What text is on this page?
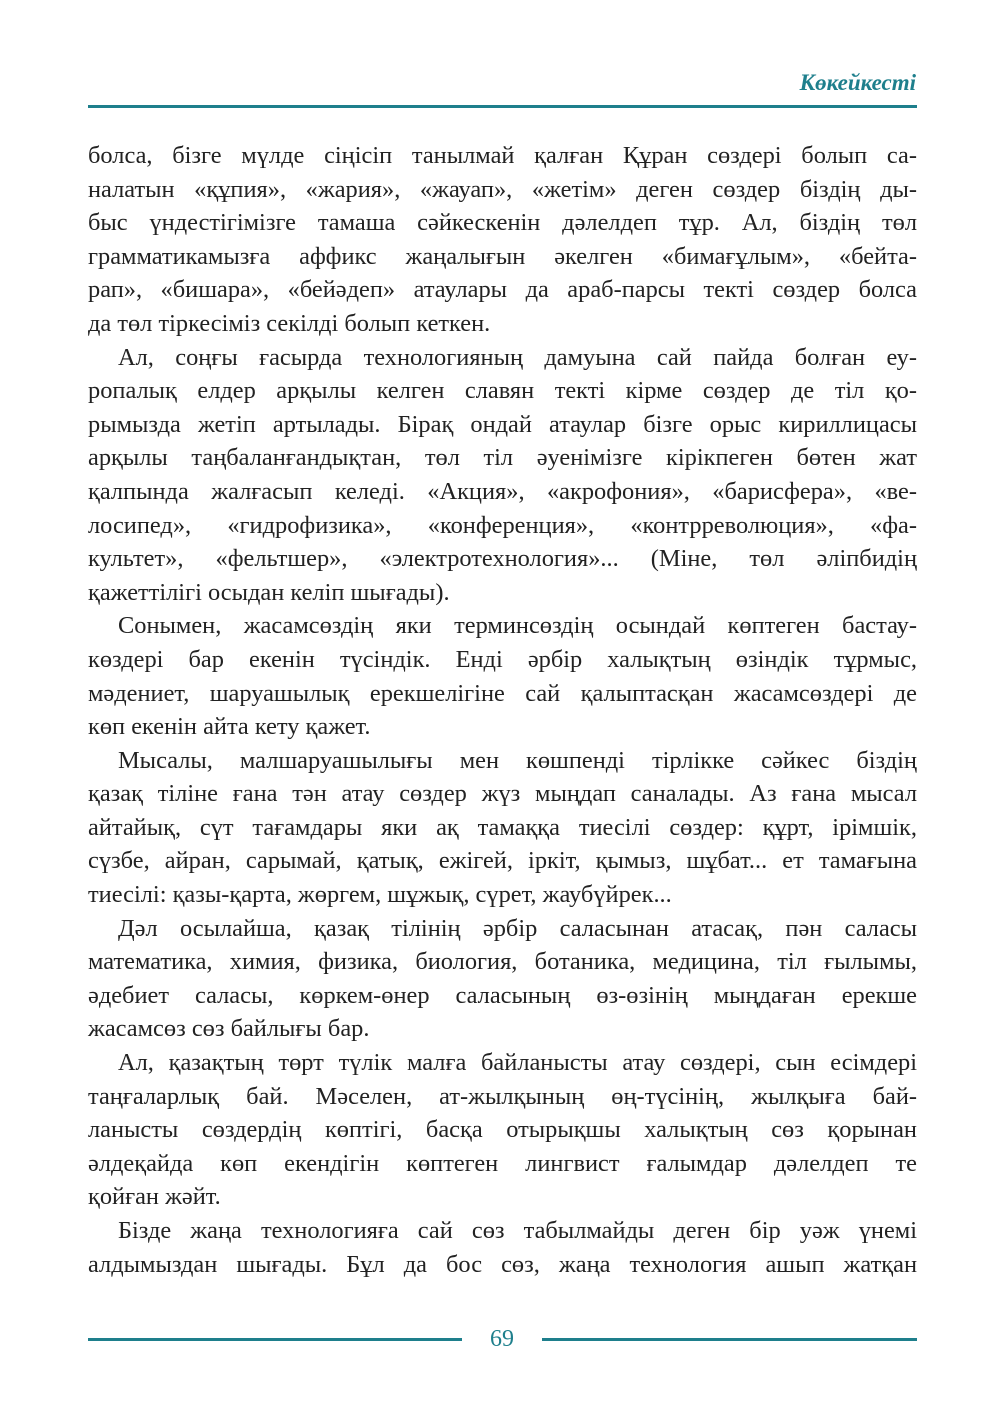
Көкейкесті
болса, бізге мүлде сіңісіп танылмай қалған Құран сөздері болып са-
налатын «құпия», «жария», «жауап», «жетім» деген сөздер біздің ды-
быс үндестігімізге тамаша сәйкескенін дәлелдеп тұр. Ал, біздің төл
грамматикамызға аффикс жаңалығын әкелген «бимағұлым», «бейта-
рап», «бишара», «бейәдеп» атаулары да араб-парсы текті сөздер болса
да төл тіркесіміз секілді болып кеткен.
Ал, соңғы ғасырда технологияның дамуына сай пайда болған еу-
ропалық елдер арқылы келген славян текті кірме сөздер де тіл қо-
рымызда жетіп артылады. Бірақ ондай атаулар бізге орыс кириллицасы
арқылы таңбаланғандықтан, төл тіл әуенімізге кірікпеген бөтен жат
қалпында жалғасып келеді. «Акция», «акрофония», «барисфера», «ве-
лосипед», «гидрофизика», «конференция», «контрреволюция», «фа-
культет», «фельтшер», «электротехнология»... (Міне, төл әліпбидің
қажеттілігі осыдан келіп шығады).
Сонымен, жасамсөздің яки терминсөздің осындай көптеген бастау-
көздері бар екенін түсіндік. Енді әрбір халықтың өзіндік тұрмыс,
мәдениет, шаруашылық ерекшелігіне сай қалыптасқан жасамсөздері де
көп екенін айта кету қажет.
Мысалы, малшаруашылығы мен көшпенді тірлікке сәйкес біздің
қазақ тіліне ғана тән атау сөздер жүз мыңдап саналады. Аз ғана мысал
айтайық, сүт тағамдары яки ақ тамаққа тиесілі сөздер: құрт, ірімшік,
сүзбе, айран, сарымай, қатық, ежігей, іркіт, қымыз, шұбат... ет тамағына
тиесілі: қазы-қарта, жөргем, шұжық, сүрет, жаубүйрек...
Дәл осылайша, қазақ тілінің әрбір саласынан атасақ, пән саласы
математика, химия, физика, биология, ботаника, медицина, тіл ғылымы,
әдебиет саласы, көркем-өнер саласының өз-өзінің мыңдаған ерекше
жасамсөз сөз байлығы бар.
Ал, қазақтың төрт түлік малға байланысты атау сөздері, сын есімдері
таңғаларлық бай. Мәселен, ат-жылқының өң-түсінің, жылқыға бай-
ланысты сөздердің көптігі, басқа отырықшы халықтың сөз қорынан
әлдеқайда көп екендігін көптеген лингвист ғалымдар дәлелдеп те
қойған жәйт.
Бізде жаңа технологияға сай сөз табылмайды деген бір уәж үнемі
алдымыздан шығады. Бұл да бос сөз, жаңа технология ашып жатқан
69
